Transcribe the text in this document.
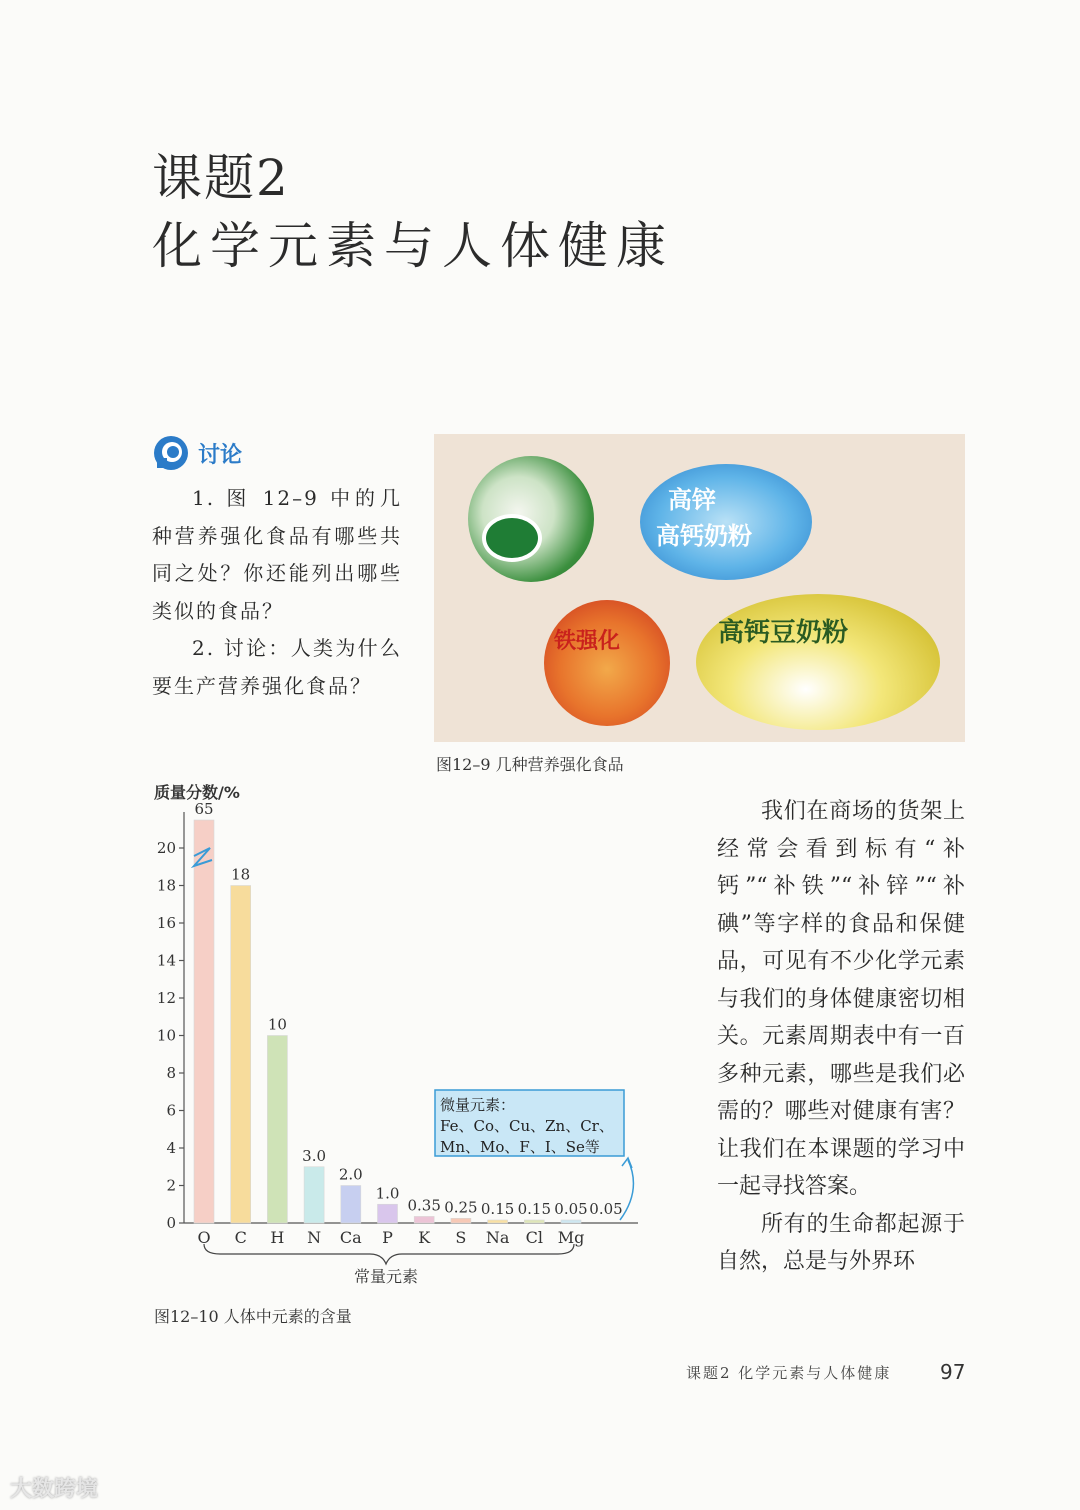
课题2
化学元素与人体健康
讨论

1. 图 12–9 中的几种营养强化食品有哪些共同之处？你还能列出哪些类似的食品？

2. 讨论：人类为什么要生产营养强化食品？

高锌
高钙奶粉
铁强化	高钙豆奶粉
图12–9 几种营养强化食品
质量分数/%
0
2
4
6
8
10
12
14
16
18
20
O C H N Ca P K S Na Cl Mg
65
18
10
3.0
2.0
1.0
0.35 0.25 0.15 0.15 0.05 0.05
常量元素
微量元素：
Fe、Co、Cu、Zn、Cr、
Mn、Mo、F、I、Se等
图12–10 人体中元素的含量

我们在商场的货架上经常会看到标有“补钙”“补铁”“补锌”“补碘”等字样的食品和保健品，可见有不少化学元素与我们的身体健康密切相关。元素周期表中有一百多种元素，哪些是我们必需的？哪些对健康有害？让我们在本课题的学习中一起寻找答案。

所有的生命都起源于自然，总是与外界环

课题2 化学元素与人体健康 97
大数跨境
